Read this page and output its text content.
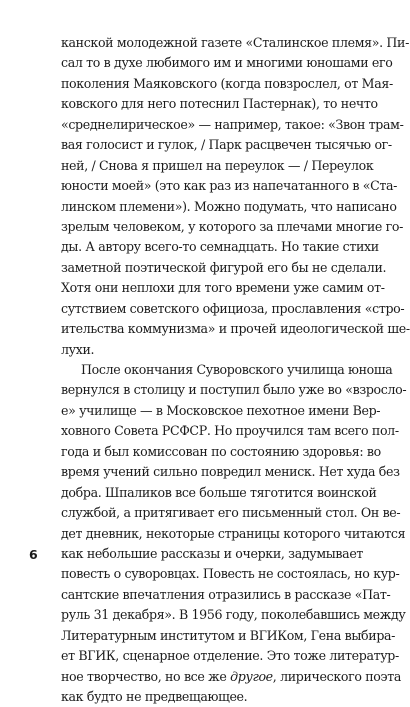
канской молодежной газете «Сталинское племя». Пи-
сал то в духе любимого им и многими юношами его
поколения Маяковского (когда повзрослел, от Мая-
ковского для него потеснил Пастернак), то нечто
«среднелирическое» — например, такое: «Звон трам-
вая голосист и гулок, / Парк расцвечен тысячью ог-
ней, / Снова я пришел на переулок — / Переулок
юности моей» (это как раз из напечатанного в «Ста-
линском племени»). Можно подумать, что написано
зрелым человеком, у которого за плечами многие го-
ды. А автору всего-то семнадцать. Но такие стихи
заметной поэтической фигурой его бы не сделали.
Хотя они неплохи для того времени уже самим от-
сутствием советского официоза, прославления «стро-
ительства коммунизма» и прочей идеологической ше-
лухи.
После окончания Суворовского училища юноша
вернулся в столицу и поступил было уже во «взросло-
е» училище — в Московское пехотное имени Вер-
ховного Совета РСФСР. Но проучился там всего пол-
года и был комиссован по состоянию здоровья: во
время учений сильно повредил мениск. Нет худа без
добра. Шпаликов все больше тяготится воинской
службой, а притягивает его письменный стол. Он ве-
дет дневник, некоторые страницы которого читаются
как небольшие рассказы и очерки, задумывает
повесть о суворовцах. Повесть не состоялась, но кур-
сантские впечатления отразились в рассказе «Пат-
руль 31 декабря». В 1956 году, поколебавшись между
Литературным институтом и ВГИКом, Гена выбира-
ет ВГИК, сценарное отделение. Это тоже литератур-
ное творчество, но все же другое, лирического поэта
как будто не предвещающее.
6
